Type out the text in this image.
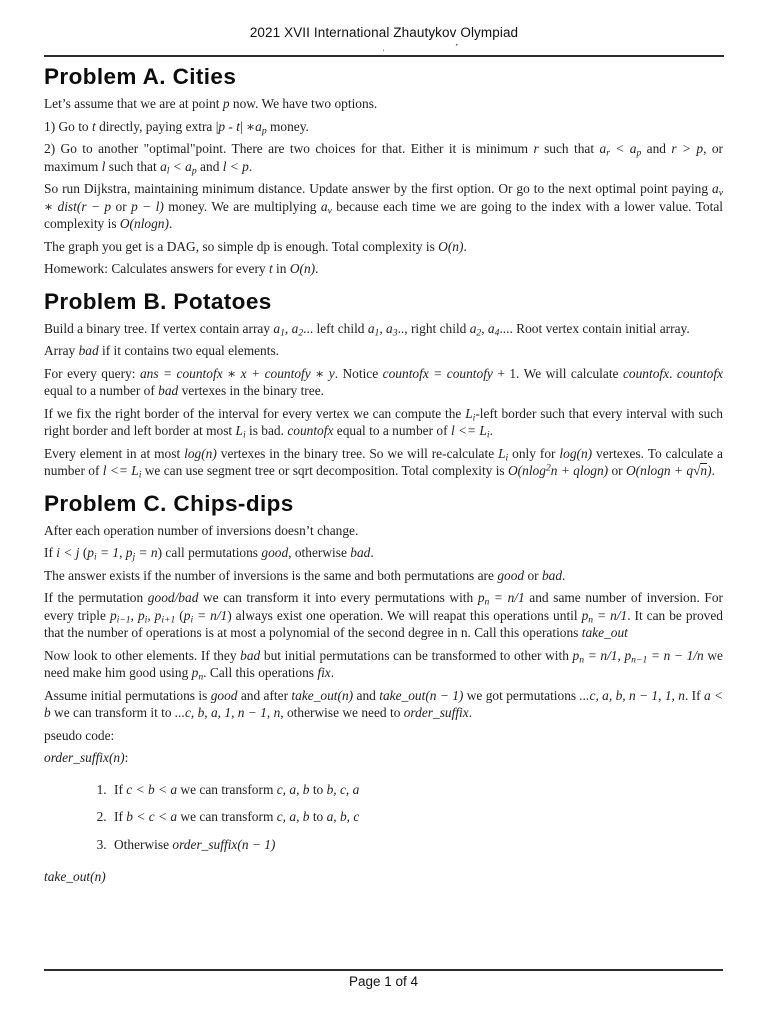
2021 XVII International Zhautykov Olympiad
,
'
Problem A. Cities

Let’s assume that we are at point p now. We have two options.

1) Go to t directly, paying extra |p - t| $∗a_p$ money.

2) Go to another "optimal"point. There are two choices for that. Either it is minimum r such that $a_r < a_p$ and r > p, or maximum l such that $a_l < a_p$ and l < p.

So run Dijkstra, maintaining minimum distance. Update answer by the first option. Or go to the next optimal point paying $a_v$ ∗ dist(r − p or p − l) money. We are multiplying $a_v$ because each time we are going to the index with a lower value. Total complexity is O(nlogn).

The graph you get is a DAG, so simple dp is enough. Total complexity is O(n).

Homework: Calculates answers for every t in O(n).

Problem B. Potatoes

Build a binary tree. If vertex contain array $a_1$, $a_2$... left child $a_1$, $a_3$.., right child $a_2$, $a_4$.... Root vertex contain initial array.

Array bad if it contains two equal elements.

For every query: ans = countofx ∗ x + countofy ∗ y. Notice countofx = countofy + 1. We will calculate countofx. countofx equal to a number of bad vertexes in the binary tree.

If we fix the right border of the interval for every vertex we can compute the $L_i$-left border such that every interval with such right border and left border at most $L_i$ is bad. countofx equal to a number of $l <= L_i$.

Every element in at most log(n) vertexes in the binary tree. So we will re-calculate $L_i$ only for log(n) vertexes. To calculate a number of $l <= L_i$ we can use segment tree or sqrt decomposition. Total complexity is O(nlog$^2$n + qlogn) or O(nlogn + q√n).

Problem C. Chips-dips

After each operation number of inversions doesn’t change.

If i < j ($p_i = 1$, $p_j = n$) call permutations good, otherwise bad.

The answer exists if the number of inversions is the same and both permutations are good or bad.

If the permutation good/bad we can transform it into every permutations with $p_n = n/1$ and same number of inversion. For every triple $p_{i-1}$, $p_i$, $p_{i+1}$ $(p_i = n/1)$ always exist one operation. We will reapat this operations until $p_n = n/1$. It can be proved that the number of operations is at most a polynomial of the second degree in n. Call this operations take_out

Now look to other elements. If they bad but initial permutations can be transformed to other with $p_n = n/1$, $p_{n-1} = n - 1/n$ we need make him good using $p_n$. Call this operations fix.

Assume initial permutations is good and after take_out(n) and take_out(n − 1) we got permutations ...c, a, b, n − 1, 1, n. If a < b we can transform it to ...c, b, a, 1, n − 1, n, otherwise we need to order_suffix.

pseudo code:

order_suffix(n):

1. If c < b < a we can transform c, a, b to b, c, a
2. If b < c < a we can transform c, a, b to a, b, c
3. Otherwise order_suffix(n − 1)

take_out(n)

Page 1 of 4
